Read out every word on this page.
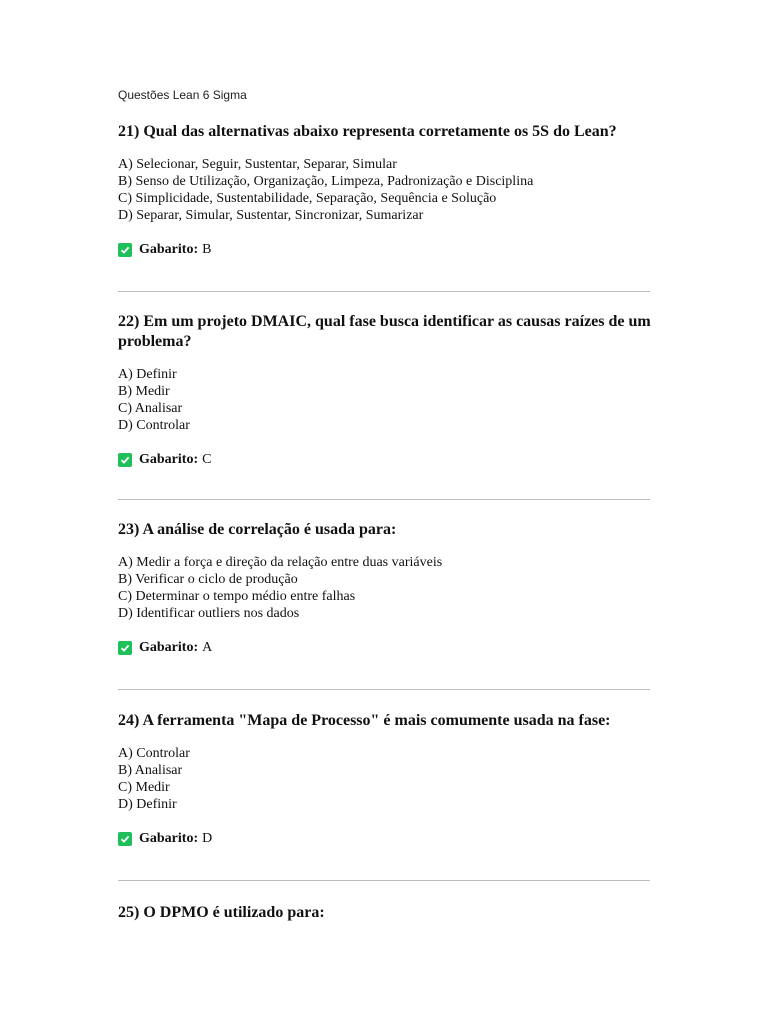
Questões Lean 6 Sigma

21) Qual das alternativas abaixo representa corretamente os 5S do Lean?

A) Selecionar, Seguir, Sustentar, Separar, Simular
B) Senso de Utilização, Organização, Limpeza, Padronização e Disciplina
C) Simplicidade, Sustentabilidade, Separação, Sequência e Solução
D) Separar, Simular, Sustentar, Sincronizar, Sumarizar
Gabarito: B

22) Em um projeto DMAIC, qual fase busca identificar as causas raízes de um problema?

A) Definir
B) Medir
C) Analisar
D) Controlar
Gabarito: C

23) A análise de correlação é usada para:

A) Medir a força e direção da relação entre duas variáveis
B) Verificar o ciclo de produção
C) Determinar o tempo médio entre falhas
D) Identificar outliers nos dados
Gabarito: A

24) A ferramenta "Mapa de Processo" é mais comumente usada na fase:

A) Controlar
B) Analisar
C) Medir
D) Definir
Gabarito: D

25) O DPMO é utilizado para:
